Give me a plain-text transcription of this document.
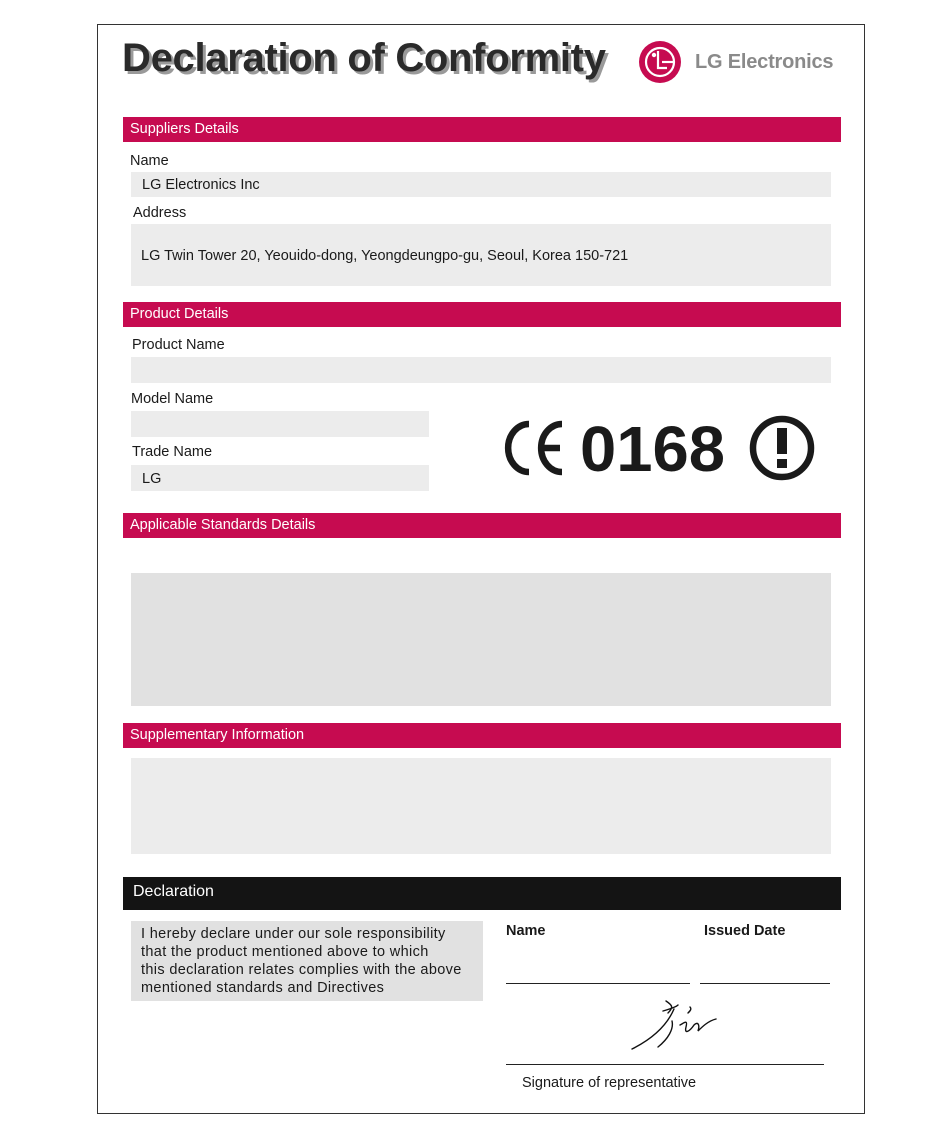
Declaration of Conformity	LG Electronics
Suppliers Details
Name
LG Electronics Inc
Address
LG Twin Tower 20, Yeouido-dong, Yeongdeungpo-gu, Seoul, Korea 150-721
Product Details
Product Name
Model Name
Trade Name
LG	0168
Applicable Standards Details
Supplementary Information
Declaration
I hereby declare under our sole responsibility
that the product mentioned above to which
this declaration relates complies with the above
mentioned standards and Directives
Name	Issued Date
Signature of representative
